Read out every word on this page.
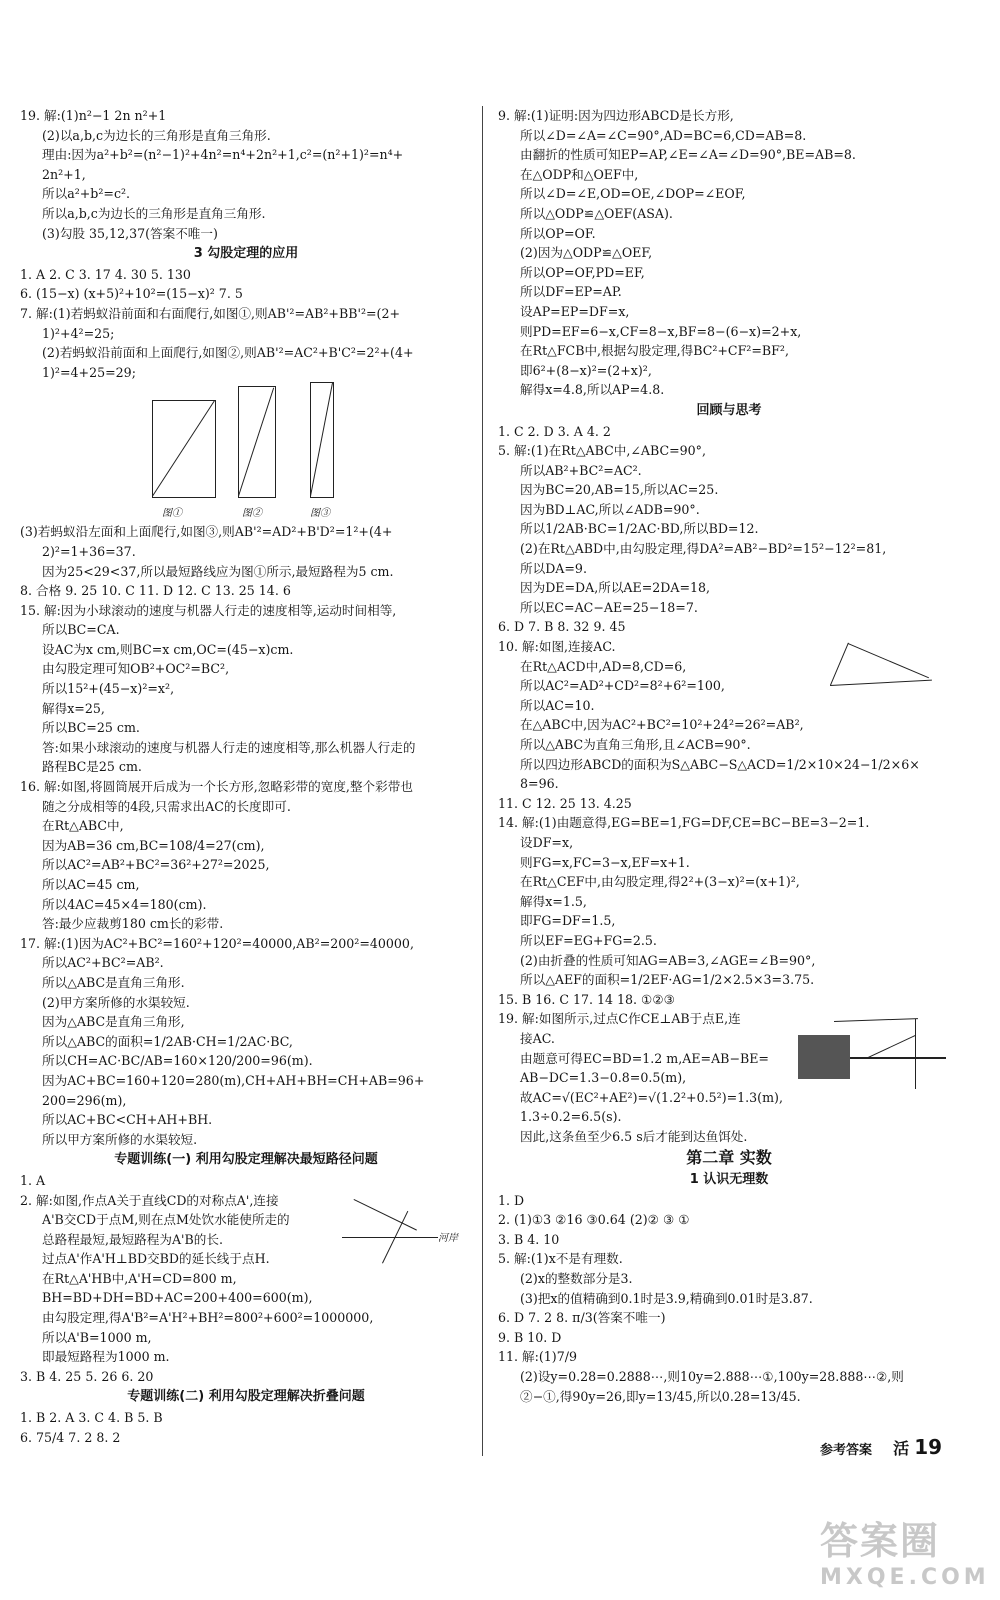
19. 解:(1)n²−1 2n n²+1
(2)以a,b,c为边长的三角形是直角三角形.
理由:因为a²+b²=(n²−1)²+4n²=n⁴+2n²+1,c²=(n²+1)²=n⁴+
2n²+1,
所以a²+b²=c².
所以a,b,c为边长的三角形是直角三角形.
(3)勾股 35,12,37(答案不唯一)
3 勾股定理的应用
1. A 2. C 3. 17 4. 30 5. 130
6. (15−x) (x+5)²+10²=(15−x)² 7. 5
7. 解:(1)若蚂蚁沿前面和右面爬行,如图①,则AB'²=AB²+BB'²=(2+
1)²+4²=25;
(2)若蚂蚁沿前面和上面爬行,如图②,则AB'²=AC²+B'C²=2²+(4+
1)²=4+25=29;
图①	图②	图③
(3)若蚂蚁沿左面和上面爬行,如图③,则AB'²=AD²+B'D²=1²+(4+
2)²=1+36=37.
因为25<29<37,所以最短路线应为图①所示,最短路程为5 cm.
8. 合格 9. 25 10. C 11. D 12. C 13. 25 14. 6
15. 解:因为小球滚动的速度与机器人行走的速度相等,运动时间相等,
所以BC=CA.
设AC为x cm,则BC=x cm,OC=(45−x)cm.
由勾股定理可知OB²+OC²=BC²,
所以15²+(45−x)²=x²,
解得x=25,
所以BC=25 cm.
答:如果小球滚动的速度与机器人行走的速度相等,那么机器人行走的
路程BC是25 cm.
16. 解:如图,将圆筒展开后成为一个长方形,忽略彩带的宽度,整个彩带也
随之分成相等的4段,只需求出AC的长度即可.
在Rt△ABC中,
因为AB=36 cm,BC=108/4=27(cm),
所以AC²=AB²+BC²=36²+27²=2025,
所以AC=45 cm,
所以4AC=45×4=180(cm).
答:最少应裁剪180 cm长的彩带.
17. 解:(1)因为AC²+BC²=160²+120²=40000,AB²=200²=40000,
所以AC²+BC²=AB².
所以△ABC是直角三角形.
(2)甲方案所修的水渠较短.
因为△ABC是直角三角形,
所以△ABC的面积=1/2AB·CH=1/2AC·BC,
所以CH=AC·BC/AB=160×120/200=96(m).
因为AC+BC=160+120=280(m),CH+AH+BH=CH+AB=96+
200=296(m),
所以AC+BC<CH+AH+BH.
所以甲方案所修的水渠较短.
专题训练(一) 利用勾股定理解决最短路径问题
1. A
2. 解:如图,作点A关于直线CD的对称点A',连接
A'B交CD于点M,则在点M处饮水能使所走的
总路程最短,最短路程为A'B的长.
过点A'作A'H⊥BD交BD的延长线于点H.
在Rt△A'HB中,A'H=CD=800 m,
BH=BD+DH=BD+AC=200+400=600(m),
由勾股定理,得A'B²=A'H²+BH²=800²+600²=1000000,
所以A'B=1000 m,
即最短路程为1000 m.
3. B 4. 25 5. 26 6. 20
河岸
专题训练(二) 利用勾股定理解决折叠问题
1. B 2. A 3. C 4. B 5. B
6. 75/4 7. 2 8. 2
9. 解:(1)证明:因为四边形ABCD是长方形,
所以∠D=∠A=∠C=90°,AD=BC=6,CD=AB=8.
由翻折的性质可知EP=AP,∠E=∠A=∠D=90°,BE=AB=8.
在△ODP和△OEF中,
所以∠D=∠E,OD=OE,∠DOP=∠EOF,
所以△ODP≌△OEF(ASA).
所以OP=OF.
(2)因为△ODP≌△OEF,
所以OP=OF,PD=EF,
所以DF=EP=AP.
设AP=EP=DF=x,
则PD=EF=6−x,CF=8−x,BF=8−(6−x)=2+x,
在Rt△FCB中,根据勾股定理,得BC²+CF²=BF²,
即6²+(8−x)²=(2+x)²,
解得x=4.8,所以AP=4.8.
回顾与思考
1. C 2. D 3. A 4. 2
5. 解:(1)在Rt△ABC中,∠ABC=90°,
所以AB²+BC²=AC².
因为BC=20,AB=15,所以AC=25.
因为BD⊥AC,所以∠ADB=90°.
所以1/2AB·BC=1/2AC·BD,所以BD=12.
(2)在Rt△ABD中,由勾股定理,得DA²=AB²−BD²=15²−12²=81,
所以DA=9.
因为DE=DA,所以AE=2DA=18,
所以EC=AC−AE=25−18=7.
6. D 7. B 8. 32 9. 45
10. 解:如图,连接AC.
在Rt△ACD中,AD=8,CD=6,
所以AC²=AD²+CD²=8²+6²=100,
所以AC=10.
在△ABC中,因为AC²+BC²=10²+24²=26²=AB²,
所以△ABC为直角三角形,且∠ACB=90°.
所以四边形ABCD的面积为S△ABC−S△ACD=1/2×10×24−1/2×6×
8=96.
11. C 12. 25 13. 4.25
14. 解:(1)由题意得,EG=BE=1,FG=DF,CE=BC−BE=3−2=1.
设DF=x,
则FG=x,FC=3−x,EF=x+1.
在Rt△CEF中,由勾股定理,得2²+(3−x)²=(x+1)²,
解得x=1.5,
即FG=DF=1.5,
所以EF=EG+FG=2.5.
(2)由折叠的性质可知AG=AB=3,∠AGE=∠B=90°,
所以△AEF的面积=1/2EF·AG=1/2×2.5×3=3.75.
15. B 16. C 17. 14 18. ①②③
19. 解:如图所示,过点C作CE⊥AB于点E,连
接AC.
由题意可得EC=BD=1.2 m,AE=AB−BE=
AB−DC=1.3−0.8=0.5(m),
故AC=√(EC²+AE²)=√(1.2²+0.5²)=1.3(m),
1.3÷0.2=6.5(s).
因此,这条鱼至少6.5 s后才能到达鱼饵处.
第二章 实数
1 认识无理数
1. D
2. (1)①3 ②16 ③0.64 (2)② ③ ①
3. B 4. 10
5. 解:(1)x不是有理数.
(2)x的整数部分是3.
(3)把x的值精确到0.1时是3.9,精确到0.01时是3.87.
6. D 7. 2 8. π/3(答案不唯一)
9. B 10. D
11. 解:(1)7/9
(2)设y=0.28=0.2888⋯,则10y=2.888⋯①,100y=28.888⋯②,则
②−①,得90y=26,即y=13/45,所以0.28=13/45.
参考答案 活 19
答案圈
MXQE.COM
